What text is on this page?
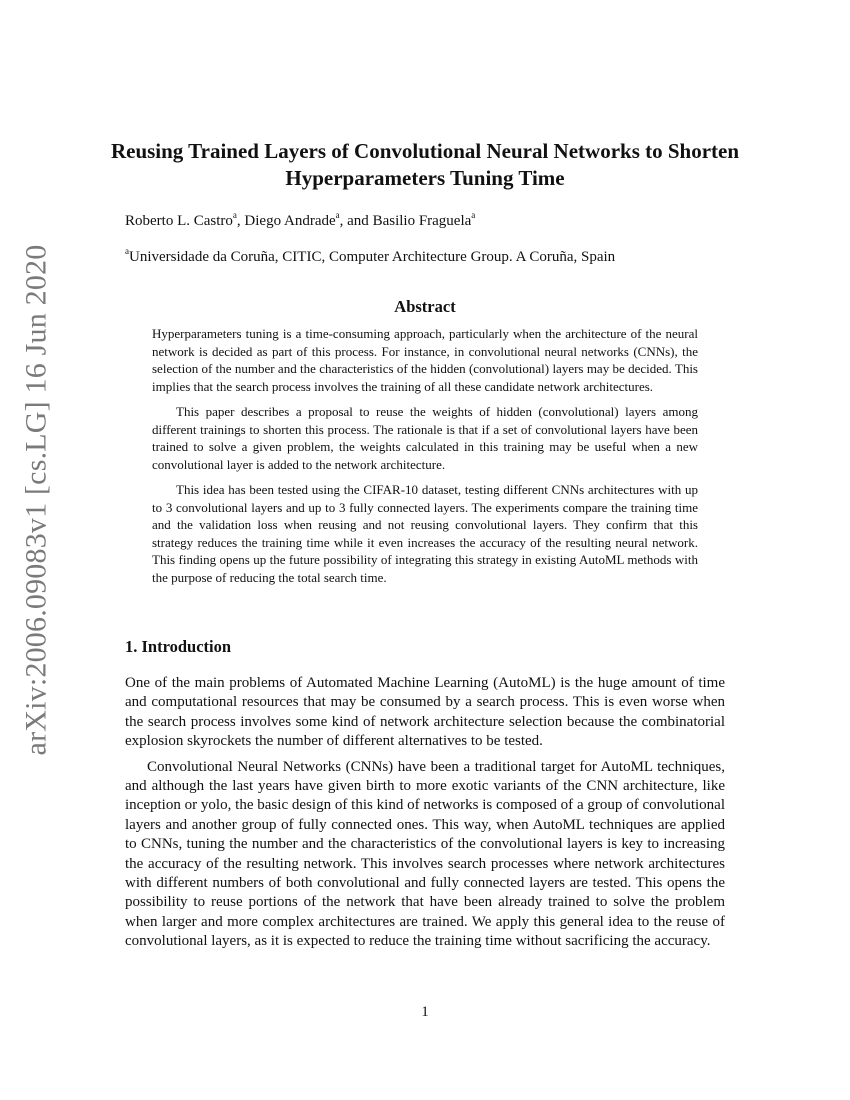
arXiv:2006.09083v1 [cs.LG] 16 Jun 2020
Reusing Trained Layers of Convolutional Neural Networks to Shorten Hyperparameters Tuning Time
Roberto L. Castro$^a$, Diego Andrade$^a$, and Basilio Fraguela$^a$
$^a$Universidade da Coruña, CITIC, Computer Architecture Group. A Coruña, Spain
Abstract

Hyperparameters tuning is a time-consuming approach, particularly when the architecture of the neural network is decided as part of this process. For instance, in convolutional neural networks (CNNs), the selection of the number and the characteristics of the hidden (convolutional) layers may be decided. This implies that the search process involves the training of all these candidate network architectures.

This paper describes a proposal to reuse the weights of hidden (convolutional) layers among different trainings to shorten this process. The rationale is that if a set of convolutional layers have been trained to solve a given problem, the weights calculated in this training may be useful when a new convolutional layer is added to the network architecture.

This idea has been tested using the CIFAR-10 dataset, testing different CNNs architectures with up to 3 convolutional layers and up to 3 fully connected layers. The experiments compare the training time and the validation loss when reusing and not reusing convolutional layers. They confirm that this strategy reduces the training time while it even increases the accuracy of the resulting neural network. This finding opens up the future possibility of integrating this strategy in existing AutoML methods with the purpose of reducing the total search time.

1. Introduction

One of the main problems of Automated Machine Learning (AutoML) is the huge amount of time and computational resources that may be consumed by a search process. This is even worse when the search process involves some kind of network architecture selection because the combinatorial explosion skyrockets the number of different alternatives to be tested.

Convolutional Neural Networks (CNNs) have been a traditional target for AutoML techniques, and although the last years have given birth to more exotic variants of the CNN architecture, like inception or yolo, the basic design of this kind of networks is composed of a group of convolutional layers and another group of fully connected ones. This way, when AutoML techniques are applied to CNNs, tuning the number and the characteristics of the convolutional layers is key to increasing the accuracy of the resulting network. This involves search processes where network architectures with different numbers of both convolutional and fully connected layers are tested. This opens the possibility to reuse portions of the network that have been already trained to solve the problem when larger and more complex architectures are trained. We apply this general idea to the reuse of convolutional layers, as it is expected to reduce the training time without sacrificing the accuracy.

1
